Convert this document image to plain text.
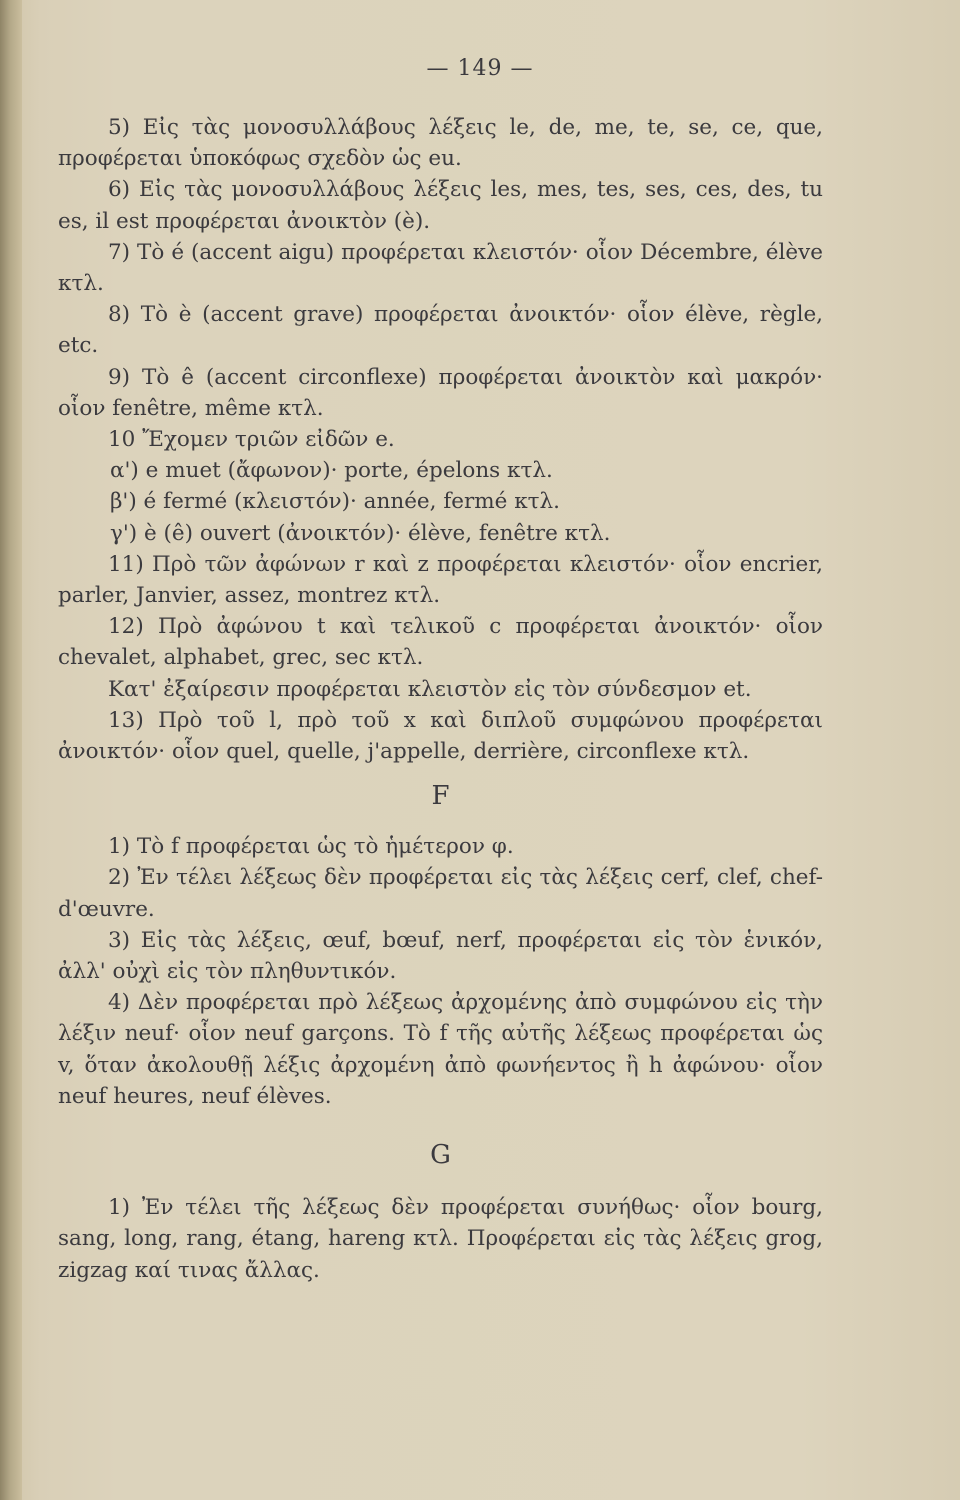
— 149 —

5) Εἰς τὰς μονοσυλλάβους λέξεις le, de, me, te, se, ce, que, προφέρεται ὑποκόφως σχεδὸν ὡς eu.

6) Εἰς τὰς μονοσυλλάβους λέξεις les, mes, tes, ses, ces, des, tu es, il est προφέρεται ἀνοικτὸν (è).

7) Τὸ é (accent aigu) προφέρεται κλειστόν· οἷον Décembre, élève κτλ.

8) Τὸ è (accent grave) προφέρεται ἀνοικτόν· οἷον élève, règle, etc.

9) Τὸ ê (accent circonflexe) προφέρεται ἀνοικτὸν καὶ μακρόν· οἷον fenêtre, même κτλ.

10 Ἔχομεν τριῶν εἰδῶν e.

α') e muet (ἄφωνον)· porte, épelons κτλ.

β') é fermé (κλειστόν)· année, fermé κτλ.

γ') è (ê) ouvert (ἀνοικτόν)· élève, fenêtre κτλ.

11) Πρὸ τῶν ἀφώνων r καὶ z προφέρεται κλειστόν· οἷον encrier, parler, Janvier, assez, montrez κτλ.

12) Πρὸ ἀφώνου t καὶ τελικοῦ c προφέρεται ἀνοικτόν· οἷον chevalet, alphabet, grec, sec κτλ.

Κατ' ἐξαίρεσιν προφέρεται κλειστὸν εἰς τὸν σύνδεσμον et.

13) Πρὸ τοῦ l, πρὸ τοῦ x καὶ διπλοῦ συμφώνου προφέρεται ἀνοικτόν· οἷον quel, quelle, j'appelle, derrière, circonflexe κτλ.

F

1) Τὸ f προφέρεται ὡς τὸ ἡμέτερον φ.

2) Ἐν τέλει λέξεως δὲν προφέρεται εἰς τὰς λέξεις cerf, clef, chef-d'œuvre.

3) Εἰς τὰς λέξεις, œuf, bœuf, nerf, προφέρεται εἰς τὸν ἑνικόν, ἀλλ' οὐχὶ εἰς τὸν πληθυντικόν.

4) Δὲν προφέρεται πρὸ λέξεως ἀρχομένης ἀπὸ συμφώνου εἰς τὴν λέξιν neuf· οἷον neuf garçons. Τὸ f τῆς αὐτῆς λέξεως προφέρεται ὡς v, ὅταν ἀκολουθῇ λέξις ἀρχομένη ἀπὸ φωνήεντος ἢ h ἀφώνου· οἷον neuf heures, neuf élèves.

G

1) Ἐν τέλει τῆς λέξεως δὲν προφέρεται συνήθως· οἷον bourg, sang, long, rang, étang, hareng κτλ. Προφέρεται εἰς τὰς λέξεις grog, zigzag καί τινας ἄλλας.
